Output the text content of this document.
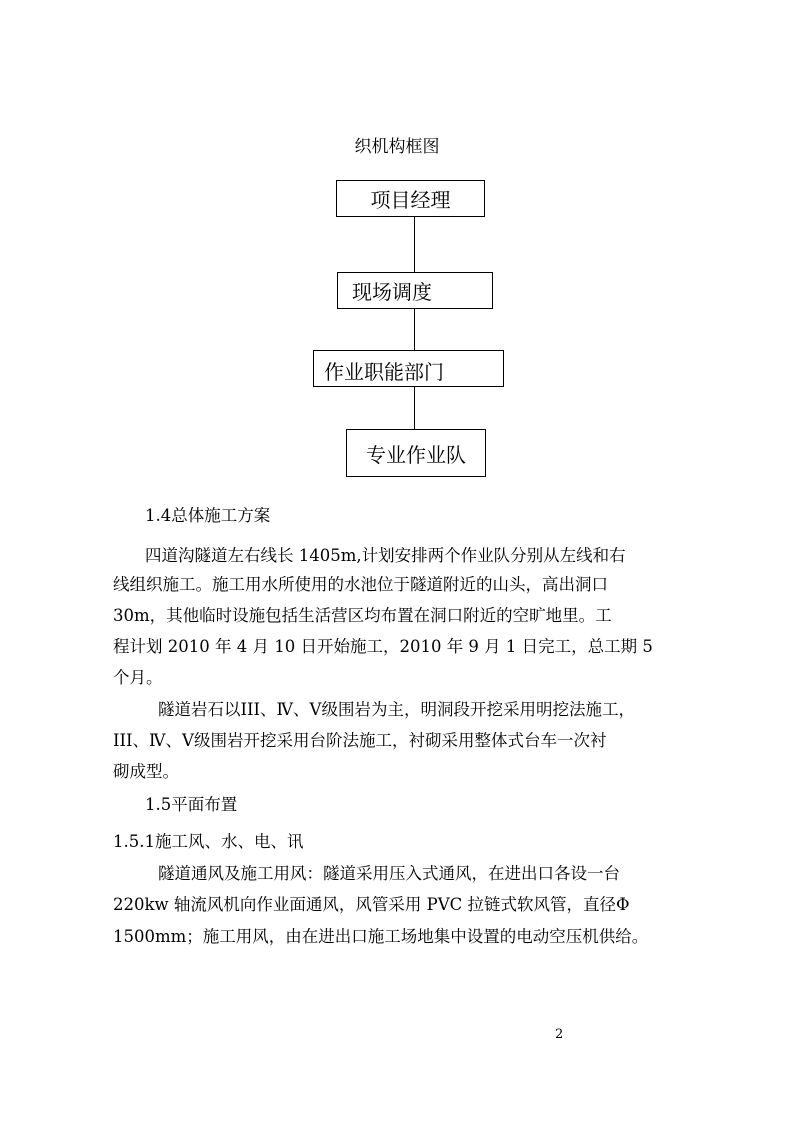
织机构框图
项目经理
现场调度
作业职能部门
专业作业队
1.4总体施工方案
四道沟隧道左右线长 1405m,计划安排两个作业队分别从左线和右
线组织施工。施工用水所使用的水池位于隧道附近的山头，高出洞口
30m，其他临时设施包括生活营区均布置在洞口附近的空旷地里。工
程计划 2010 年 4 月 10 日开始施工，2010 年 9 月 1 日完工，总工期 5
个月。
隧道岩石以III、Ⅳ、Ⅴ级围岩为主，明洞段开挖采用明挖法施工，
III、Ⅳ、Ⅴ级围岩开挖采用台阶法施工，衬砌采用整体式台车一次衬
砌成型。
1.5平面布置
1.5.1施工风、水、电、讯
隧道通风及施工用风：隧道采用压入式通风，在进出口各设一台
220kw 轴流风机向作业面通风，风管采用 PVC 拉链式软风管，直径Φ
1500mm；施工用风，由在进出口施工场地集中设置的电动空压机供给。
2
